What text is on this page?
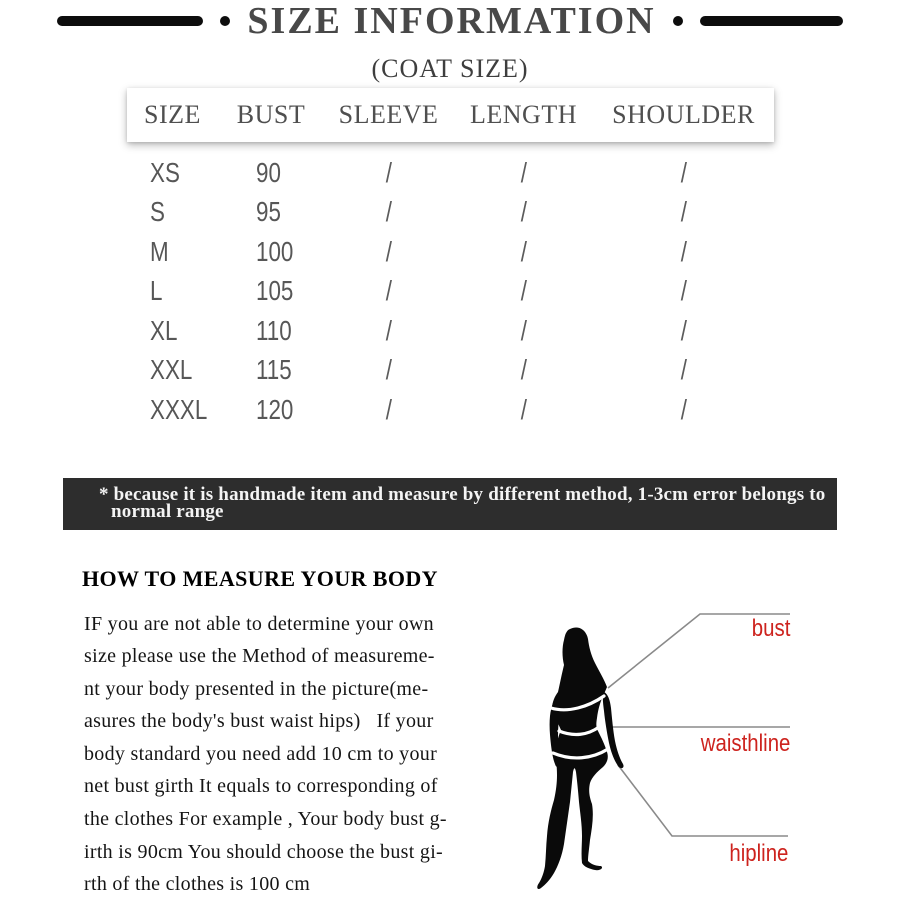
SIZE INFORMATION
(COAT SIZE)
SIZE	BUST	SLEEVE	LENGTH	SHOULDER
XS	90	/	/	/
S	95	/	/	/
M	100	/	/	/
L	105	/	/	/
XL	110	/	/	/
XXL	115	/	/	/
XXXL	120	/	/	/
* because it is handmade item and measure by different method, 1-3cm error belongs to
normal range
HOW TO MEASURE YOUR BODY
IF you are not able to determine your own
size please use the Method of measureme-
nt your body presented in the picture(me-
asures the body's bust waist hips)   If your
body standard you need add 10 cm to your
net bust girth It equals to corresponding of
the clothes For example , Your body bust g-
irth is 90cm You should choose the bust gi-
rth of the clothes is 100 cm
bust
waisthline
hipline
